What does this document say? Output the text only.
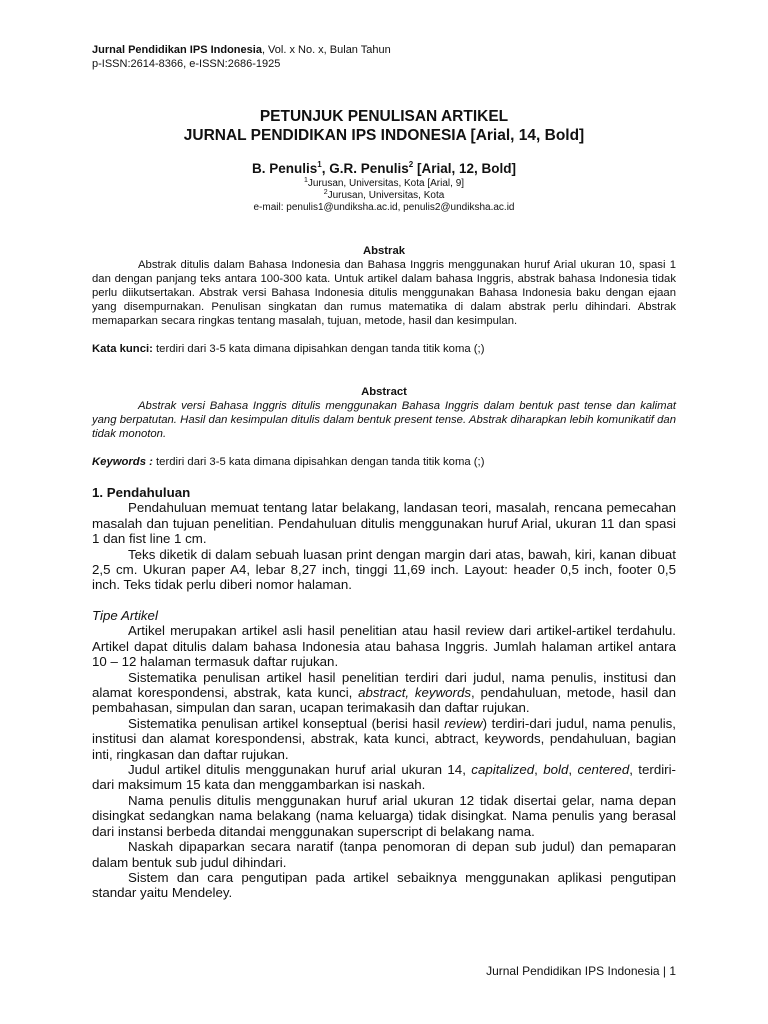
Jurnal Pendidikan IPS Indonesia, Vol. x No. x, Bulan Tahun
p-ISSN:2614-8366, e-ISSN:2686-1925
PETUNJUK PENULISAN ARTIKEL
JURNAL PENDIDIKAN IPS INDONESIA [Arial, 14, Bold]
B. Penulis$^1$, G.R. Penulis$^2$ [Arial, 12, Bold]
$^1$Jurusan, Universitas, Kota [Arial, 9]
$^2$Jurusan, Universitas, Kota
e-mail: penulis1@undiksha.ac.id, penulis2@undiksha.ac.id
Abstrak

Abstrak ditulis dalam Bahasa Indonesia dan Bahasa Inggris menggunakan huruf Arial ukuran 10, spasi 1 dan dengan panjang teks antara 100-300 kata. Untuk artikel dalam bahasa Inggris, abstrak bahasa Indonesia tidak perlu diikutsertakan. Abstrak versi Bahasa Indonesia ditulis menggunakan Bahasa Indonesia baku dengan ejaan yang disempurnakan. Penulisan singkatan dan rumus matematika di dalam abstrak perlu dihindari. Abstrak memaparkan secara ringkas tentang masalah, tujuan, metode, hasil dan kesimpulan.

Kata kunci: terdiri dari 3-5 kata dimana dipisahkan dengan tanda titik koma (;)

Abstract

Abstrak versi Bahasa Inggris ditulis menggunakan Bahasa Inggris dalam bentuk past tense dan kalimat yang berpatutan. Hasil dan kesimpulan ditulis dalam bentuk present tense. Abstrak diharapkan lebih komunikatif dan tidak monoton.

Keywords : terdiri dari 3-5 kata dimana dipisahkan dengan tanda titik koma (;)

1. Pendahuluan

Pendahuluan memuat tentang latar belakang, landasan teori, masalah, rencana pemecahan masalah dan tujuan penelitian. Pendahuluan ditulis menggunakan huruf Arial, ukuran 11 dan spasi 1 dan fist line 1 cm.

Teks diketik di dalam sebuah luasan print dengan margin dari atas, bawah, kiri, kanan dibuat 2,5 cm. Ukuran paper A4, lebar 8,27 inch, tinggi 11,69 inch. Layout: header 0,5 inch, footer 0,5 inch. Teks tidak perlu diberi nomor halaman.

Tipe Artikel

Artikel merupakan artikel asli hasil penelitian atau hasil review dari artikel-artikel terdahulu. Artikel dapat ditulis dalam bahasa Indonesia atau bahasa Inggris. Jumlah halaman artikel antara 10 – 12 halaman termasuk daftar rujukan.

Sistematika penulisan artikel hasil penelitian terdiri dari judul, nama penulis, institusi dan alamat korespondensi, abstrak, kata kunci, abstract, keywords, pendahuluan, metode, hasil dan pembahasan, simpulan dan saran, ucapan terimakasih dan daftar rujukan.

Sistematika penulisan artikel konseptual (berisi hasil review) terdiri-dari judul, nama penulis, institusi dan alamat korespondensi, abstrak, kata kunci, abtract, keywords, pendahuluan, bagian inti, ringkasan dan daftar rujukan.

Judul artikel ditulis menggunakan huruf arial ukuran 14, capitalized, bold, centered, terdiri-dari maksimum 15 kata dan menggambarkan isi naskah.

Nama penulis ditulis menggunakan huruf arial ukuran 12 tidak disertai gelar, nama depan disingkat sedangkan nama belakang (nama keluarga) tidak disingkat. Nama penulis yang berasal dari instansi berbeda ditandai menggunakan superscript di belakang nama.

Naskah dipaparkan secara naratif (tanpa penomoran di depan sub judul) dan pemaparan dalam bentuk sub judul dihindari.

Sistem dan cara pengutipan pada artikel sebaiknya menggunakan aplikasi pengutipan standar yaitu Mendeley.

Jurnal Pendidikan IPS Indonesia | 1
